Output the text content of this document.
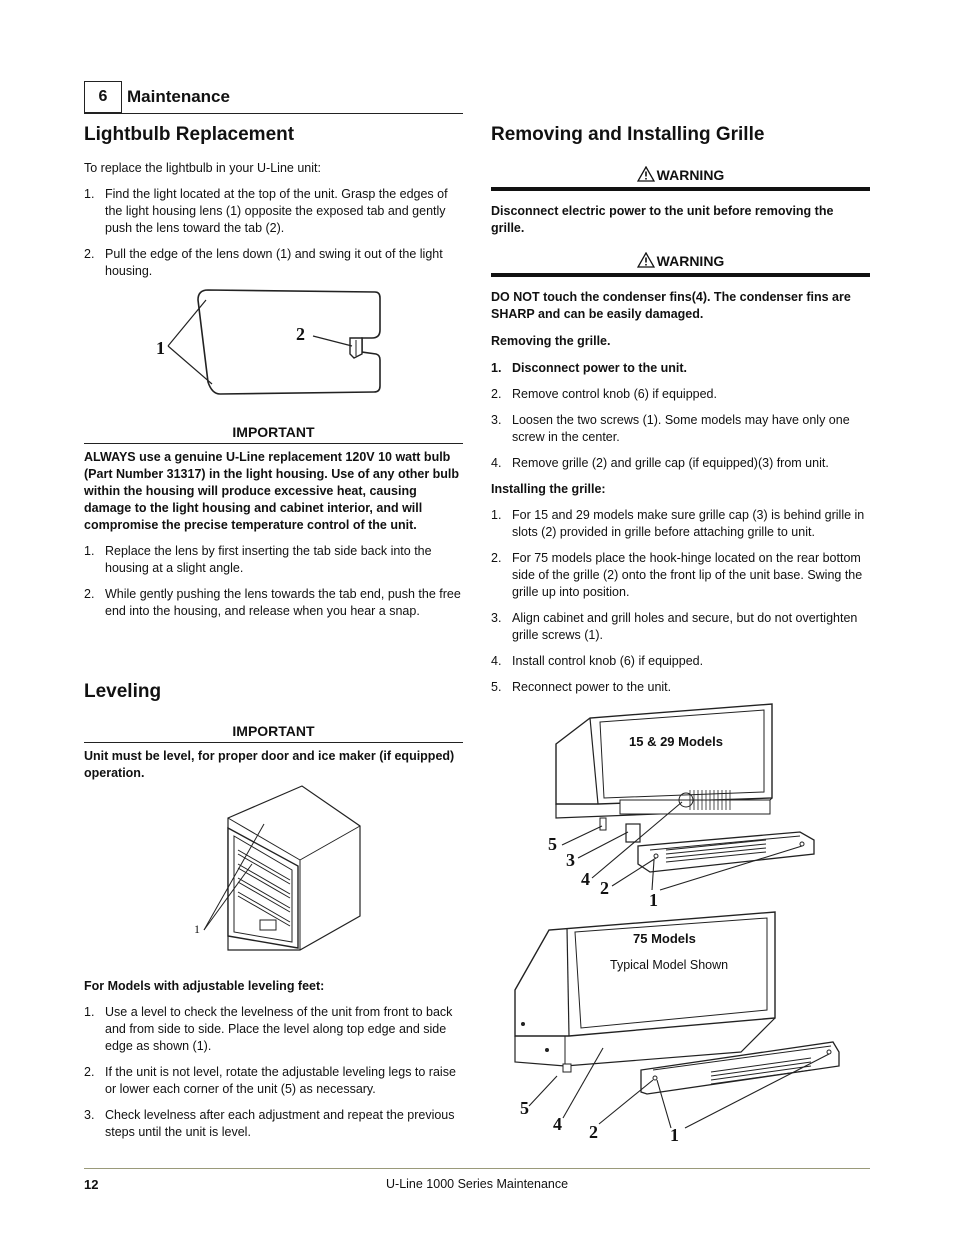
6	Maintenance
Lightbulb Replacement

To replace the lightbulb in your U-Line unit:

1. Find the light located at the top of the unit. Grasp the edges of the light housing lens (1) opposite the exposed tab and gently push the lens toward the tab (2).
2. Pull the edge of the lens down (1) and swing it out of the light housing.
1
2
IMPORTANT

ALWAYS use a genuine U-Line replacement 120V 10 watt bulb (Part Number 31317) in the light housing. Use of any other bulb within the housing will produce excessive heat, causing damage to the light housing and cabinet interior, and will compromise the precise temperature control of the unit.

1. Replace the lens by first inserting the tab side back into the housing at a slight angle.
2. While gently pushing the lens towards the tab end, push the free end into the housing, and release when you hear a snap.
Leveling
IMPORTANT

Unit must be level, for proper door and ice maker (if equipped) operation.

1

For Models with adjustable leveling feet:

1. Use a level to check the levelness of the unit from front to back and from side to side. Place the level along top edge and side edge as shown (1).
2. If the unit is not level, rotate the adjustable leveling legs to raise or lower each corner of the unit (5) as necessary.
3. Check levelness after each adjustment and repeat the previous steps until the unit is level.
Removing and Installing Grille
WARNING

Disconnect electric power to the unit before removing the grille.

WARNING

DO NOT touch the condenser fins(4). The condenser fins are SHARP and can be easily damaged.

Removing the grille.

1. Disconnect power to the unit.
2. Remove control knob (6) if equipped.
3. Loosen the two screws (1). Some models may have only one screw in the center.
4. Remove grille (2) and grille cap (if equipped)(3) from unit.

Installing the grille:

1. For 15 and 29 models make sure grille cap (3) is behind grille in slots (2) provided in grille before attaching grille to unit.
2. For 75 models place the hook-hinge located on the rear bottom side of the grille (2) onto the front lip of the unit base. Swing the grille up into position.
3. Align cabinet and grill holes and secure, but do not overtighten grille screws (1).
4. Install control knob (6) if equipped.
5. Reconnect power to the unit.
15 & 29 Models
5
3
4 2
1
75 Models
Typical Model Shown
5
4 2	1
12	U-Line 1000 Series Maintenance
